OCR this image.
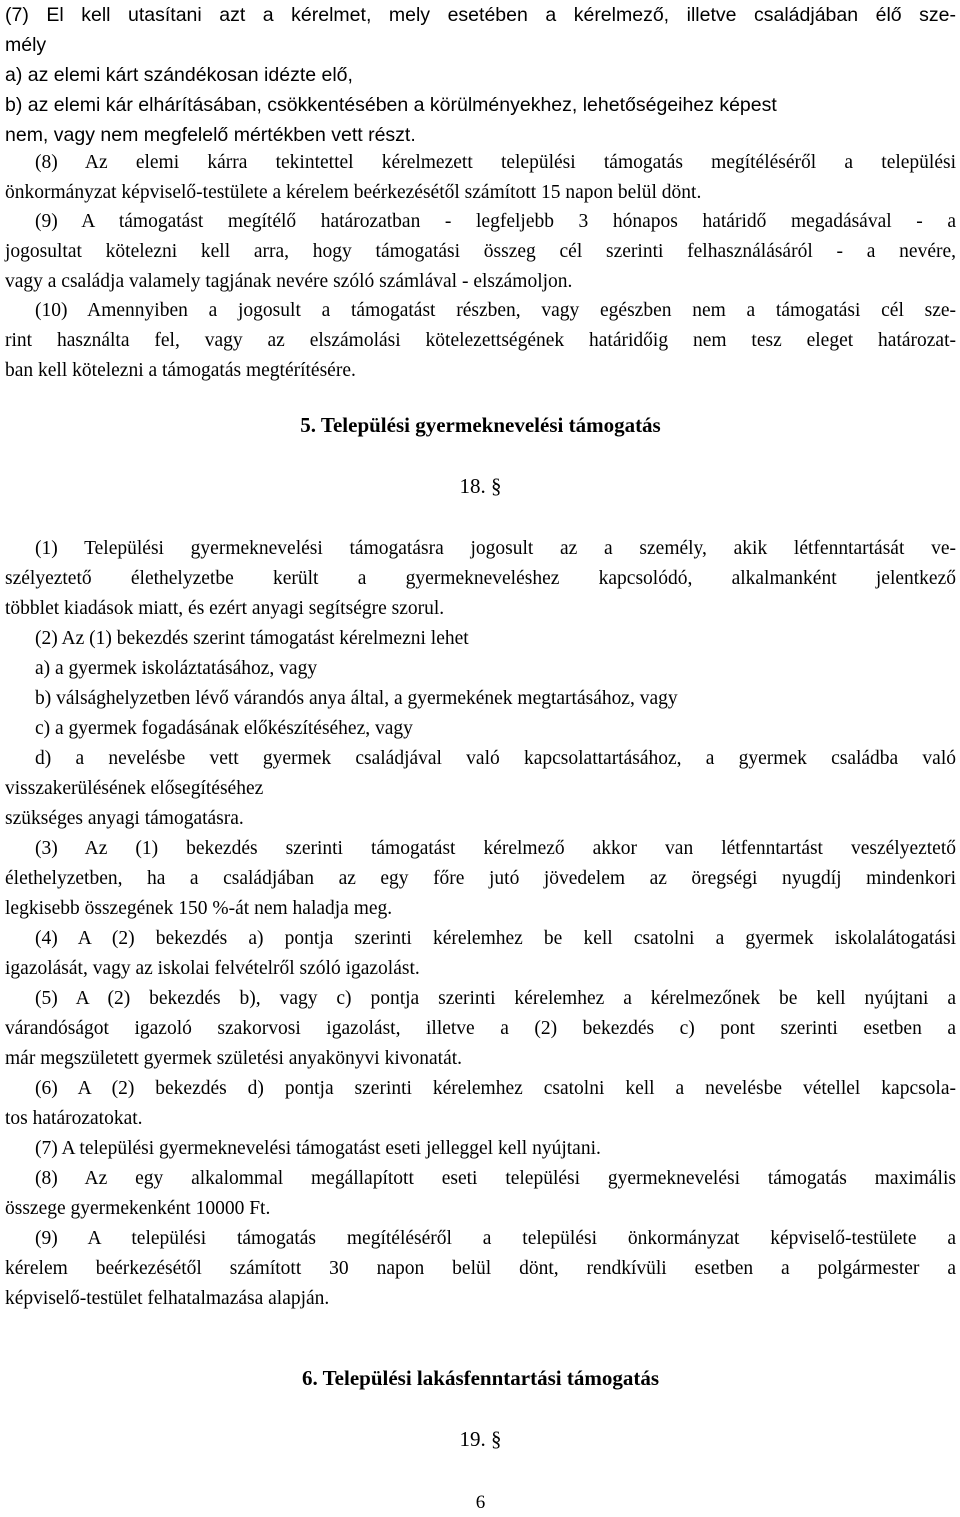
(7) El kell utasítani azt a kérelmet, mely esetében a kérelmező, illetve családjában élő sze-
mély
a) az elemi kárt szándékosan idézte elő,
b) az elemi kár elhárításában, csökkentésében a körülményekhez, lehetőségeihez képest
nem, vagy nem megfelelő mértékben vett részt.
(8) Az elemi kárra tekintettel kérelmezett települési támogatás megítéléséről a települési
önkormányzat képviselő-testülete a kérelem beérkezésétől számított 15 napon belül dönt.
(9) A támogatást megítélő határozatban - legfeljebb 3 hónapos határidő megadásával - a
jogosultat kötelezni kell arra, hogy támogatási összeg cél szerinti felhasználásáról - a nevére,
vagy a családja valamely tagjának nevére szóló számlával - elszámoljon.
(10) Amennyiben a jogosult a támogatást részben, vagy egészben nem a támogatási cél sze-
rint használta fel, vagy az elszámolási kötelezettségének határidőig nem tesz eleget határozat-
ban kell kötelezni a támogatás megtérítésére.
5. Települési gyermeknevelési támogatás
18. §
(1) Települési gyermeknevelési támogatásra jogosult az a személy, akik létfenntartását ve-
szélyeztető élethelyzetbe került a gyermekneveléshez kapcsolódó, alkalmanként jelentkező
többlet kiadások miatt, és ezért anyagi segítségre szorul.
(2) Az (1) bekezdés szerint támogatást kérelmezni lehet
a) a gyermek iskoláztatásához, vagy
b) válsághelyzetben lévő várandós anya által, a gyermekének megtartásához, vagy
c) a gyermek fogadásának előkészítéséhez, vagy
d) a nevelésbe vett gyermek családjával való kapcsolattartásához, a gyermek családba való
visszakerülésének elősegítéséhez
szükséges anyagi támogatásra.
(3) Az (1) bekezdés szerinti támogatást kérelmező akkor van létfenntartást veszélyeztető
élethelyzetben, ha a családjában az egy főre jutó jövedelem az öregségi nyugdíj mindenkori
legkisebb összegének 150 %-át nem haladja meg.
(4) A (2) bekezdés a) pontja szerinti kérelemhez be kell csatolni a gyermek iskolalátogatási
igazolását, vagy az iskolai felvételről szóló igazolást.
(5) A (2) bekezdés b), vagy c) pontja szerinti kérelemhez a kérelmezőnek be kell nyújtani a
várandóságot igazoló szakorvosi igazolást, illetve a (2) bekezdés c) pont szerinti esetben a
már megszületett gyermek születési anyakönyvi kivonatát.
(6) A (2) bekezdés d) pontja szerinti kérelemhez csatolni kell a nevelésbe vétellel kapcsola-
tos határozatokat.
(7) A települési gyermeknevelési támogatást eseti jelleggel kell nyújtani.
(8) Az egy alkalommal megállapított eseti települési gyermeknevelési támogatás maximális
összege gyermekenként 10000 Ft.
(9) A települési támogatás megítéléséről a települési önkormányzat képviselő-testülete a
kérelem beérkezésétől számított 30 napon belül dönt, rendkívüli esetben a polgármester a
képviselő-testület felhatalmazása alapján.
6. Települési lakásfenntartási támogatás
19. §
6
